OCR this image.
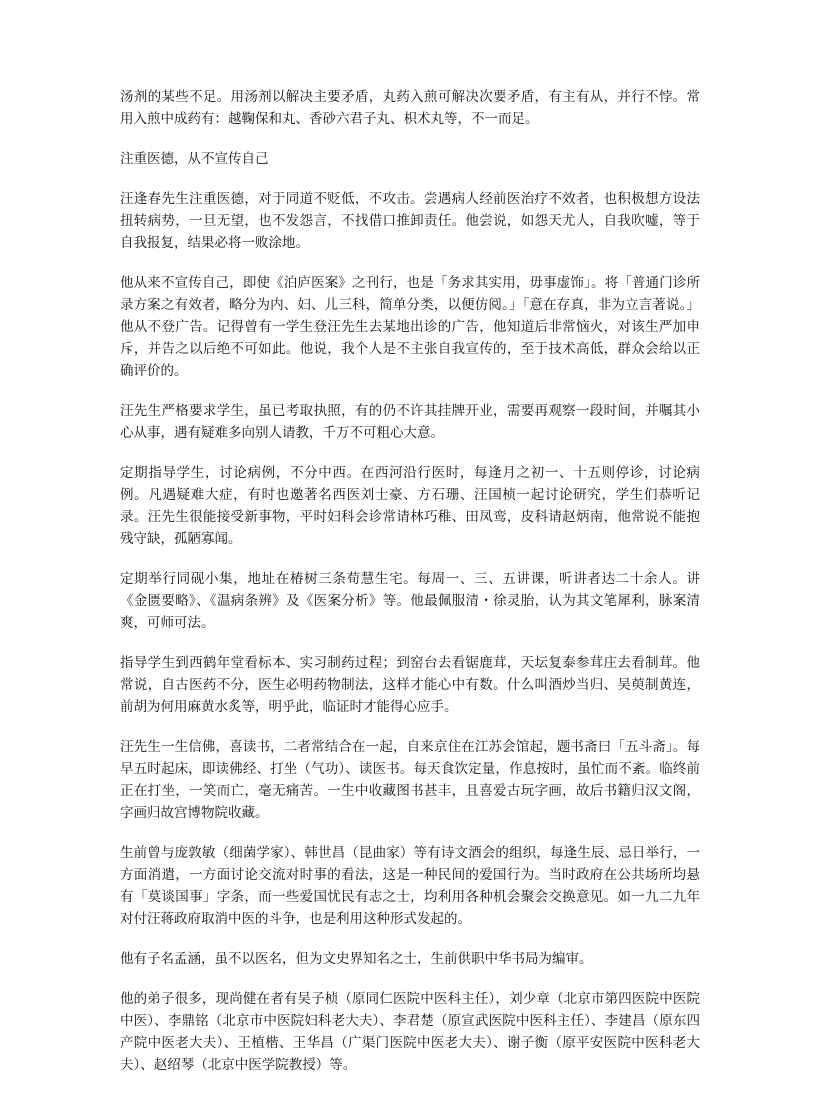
汤剂的某些不足。用汤剂以解决主要矛盾，丸药入煎可解决次要矛盾，有主有从，并行不悖。常用入煎中成药有：越鞠保和丸、香砂六君子丸、枳术丸等，不一而足。

注重医德，从不宣传自己

汪逢春先生注重医德，对于同道不贬低，不攻击。尝遇病人经前医治疗不效者，也积极想方设法扭转病势，一旦无望，也不发怨言，不找借口推卸责任。他尝说，如怨天尤人，自我吹嘘，等于自我报复，结果必将一败涂地。

他从来不宣传自己，即使《泊庐医案》之刊行，也是「务求其实用，毋事虚饰」。将「普通门诊所录方案之有效者，略分为内、妇、儿三科，简单分类，以便仿阅。」「意在存真，非为立言著说。」他从不登广告。记得曾有一学生登汪先生去某地出诊的广告，他知道后非常恼火，对该生严加申斥，并告之以后绝不可如此。他说，我个人是不主张自我宣传的，至于技术高低，群众会给以正确评价的。

汪先生严格要求学生，虽已考取执照，有的仍不许其挂牌开业，需要再观察一段时间，并嘱其小心从事，遇有疑难多向别人请教，千万不可粗心大意。

定期指导学生，讨论病例，不分中西。在西河沿行医时，每逢月之初一、十五则停诊，讨论病例。凡遇疑难大症，有时也邀著名西医刘士豪、方石珊、汪国桢一起讨论研究，学生们恭听记录。汪先生很能接受新事物，平时妇科会诊常请林巧稚、田凤鸾，皮科请赵炳南，他常说不能抱残守缺，孤陋寡闻。

定期举行同砚小集，地址在椿树三条荀慧生宅。每周一、三、五讲课，听讲者达二十余人。讲《金匮要略》、《温病条辨》及《医案分析》等。他最佩服清・徐灵胎，认为其文笔犀利，脉案清爽，可师可法。

指导学生到西鹤年堂看标本、实习制药过程；到窑台去看锯鹿茸，天坛复泰参茸庄去看制茸。他常说，自古医药不分，医生必明药物制法，这样才能心中有数。什么叫酒炒当归、吴萸制黄连，前胡为何用麻黄水炙等，明乎此，临证时才能得心应手。

汪先生一生信佛，喜读书，二者常结合在一起，自来京住在江苏会馆起，题书斋曰「五斗斋」。每早五时起床，即读佛经、打坐（气功）、读医书。每天食饮定量，作息按时，虽忙而不紊。临终前正在打坐，一笑而亡，毫无痛苦。一生中收藏图书甚丰，且喜爱古玩字画，故后书籍归汉文阁，字画归故宫博物院收藏。

生前曾与庞敦敏（细菌学家）、韩世昌（昆曲家）等有诗文酒会的组织，每逢生辰、忌日举行，一方面消遣，一方面讨论交流对时事的看法，这是一种民间的爱国行为。当时政府在公共场所均悬有「莫谈国事」字条，而一些爱国忧民有志之士，均利用各种机会聚会交换意见。如一九二九年对付汪蒋政府取消中医的斗争，也是利用这种形式发起的。

他有子名孟涵，虽不以医名，但为文史界知名之士，生前供职中华书局为编审。

他的弟子很多，现尚健在者有吴子桢（原同仁医院中医科主任），刘少章（北京市第四医院中医院中医）、李鼎铭（北京市中医院妇科老大夫）、李君楚（原宣武医院中医科主任）、李建昌（原东四产院中医老大夫）、王植楷、王华昌（广渠门医院中医老大夫）、谢子衡（原平安医院中医科老大夫）、赵绍琴（北京中医学院教授）等。
